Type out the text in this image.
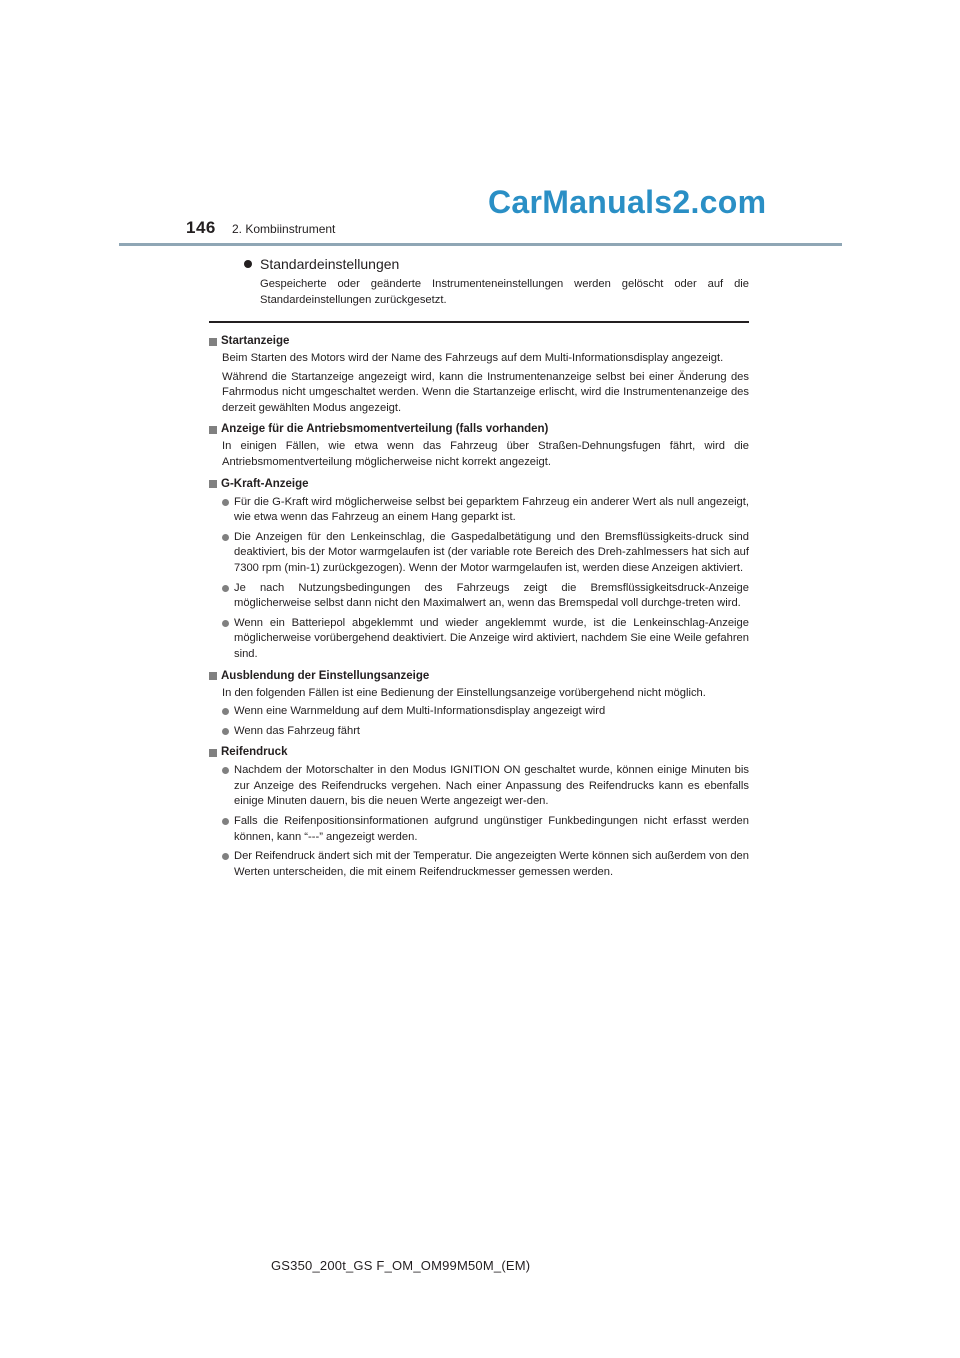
146 2. Kombiinstrument
CarManuals2.com
Standardeinstellungen

Gespeicherte oder geänderte Instrumenteneinstellungen werden gelöscht oder auf die Standardeinstellungen zurückgesetzt.

Startanzeige
Beim Starten des Motors wird der Name des Fahrzeugs auf dem Multi-Informationsdisplay angezeigt.
Während die Startanzeige angezeigt wird, kann die Instrumentenanzeige selbst bei einer Änderung des Fahrmodus nicht umgeschaltet werden. Wenn die Startanzeige erlischt, wird die Instrumentenanzeige des derzeit gewählten Modus angezeigt.
Anzeige für die Antriebsmomentverteilung (falls vorhanden)
In einigen Fällen, wie etwa wenn das Fahrzeug über Straßen-Dehnungsfugen fährt, wird die Antriebsmomentverteilung möglicherweise nicht korrekt angezeigt.
G-Kraft-Anzeige
Für die G-Kraft wird möglicherweise selbst bei geparktem Fahrzeug ein anderer Wert als null angezeigt, wie etwa wenn das Fahrzeug an einem Hang geparkt ist.
Die Anzeigen für den Lenkeinschlag, die Gaspedalbetätigung und den Bremsflüssigkeits-druck sind deaktiviert, bis der Motor warmgelaufen ist (der variable rote Bereich des Dreh-zahlmessers hat sich auf 7300 rpm (min-1) zurückgezogen). Wenn der Motor warmgelaufen ist, werden diese Anzeigen aktiviert.
Je nach Nutzungsbedingungen des Fahrzeugs zeigt die Bremsflüssigkeitsdruck-Anzeige möglicherweise selbst dann nicht den Maximalwert an, wenn das Bremspedal voll durchge-treten wird.
Wenn ein Batteriepol abgeklemmt und wieder angeklemmt wurde, ist die Lenkeinschlag-Anzeige möglicherweise vorübergehend deaktiviert. Die Anzeige wird aktiviert, nachdem Sie eine Weile gefahren sind.
Ausblendung der Einstellungsanzeige
In den folgenden Fällen ist eine Bedienung der Einstellungsanzeige vorübergehend nicht möglich.
Wenn eine Warnmeldung auf dem Multi-Informationsdisplay angezeigt wird
Wenn das Fahrzeug fährt
Reifendruck
Nachdem der Motorschalter in den Modus IGNITION ON geschaltet wurde, können einige Minuten bis zur Anzeige des Reifendrucks vergehen. Nach einer Anpassung des Reifendrucks kann es ebenfalls einige Minuten dauern, bis die neuen Werte angezeigt wer-den.
Falls die Reifenpositionsinformationen aufgrund ungünstiger Funkbedingungen nicht erfasst werden können, kann “---” angezeigt werden.
Der Reifendruck ändert sich mit der Temperatur. Die angezeigten Werte können sich außerdem von den Werten unterscheiden, die mit einem Reifendruckmesser gemessen werden.
GS350_200t_GS F_OM_OM99M50M_(EM)
